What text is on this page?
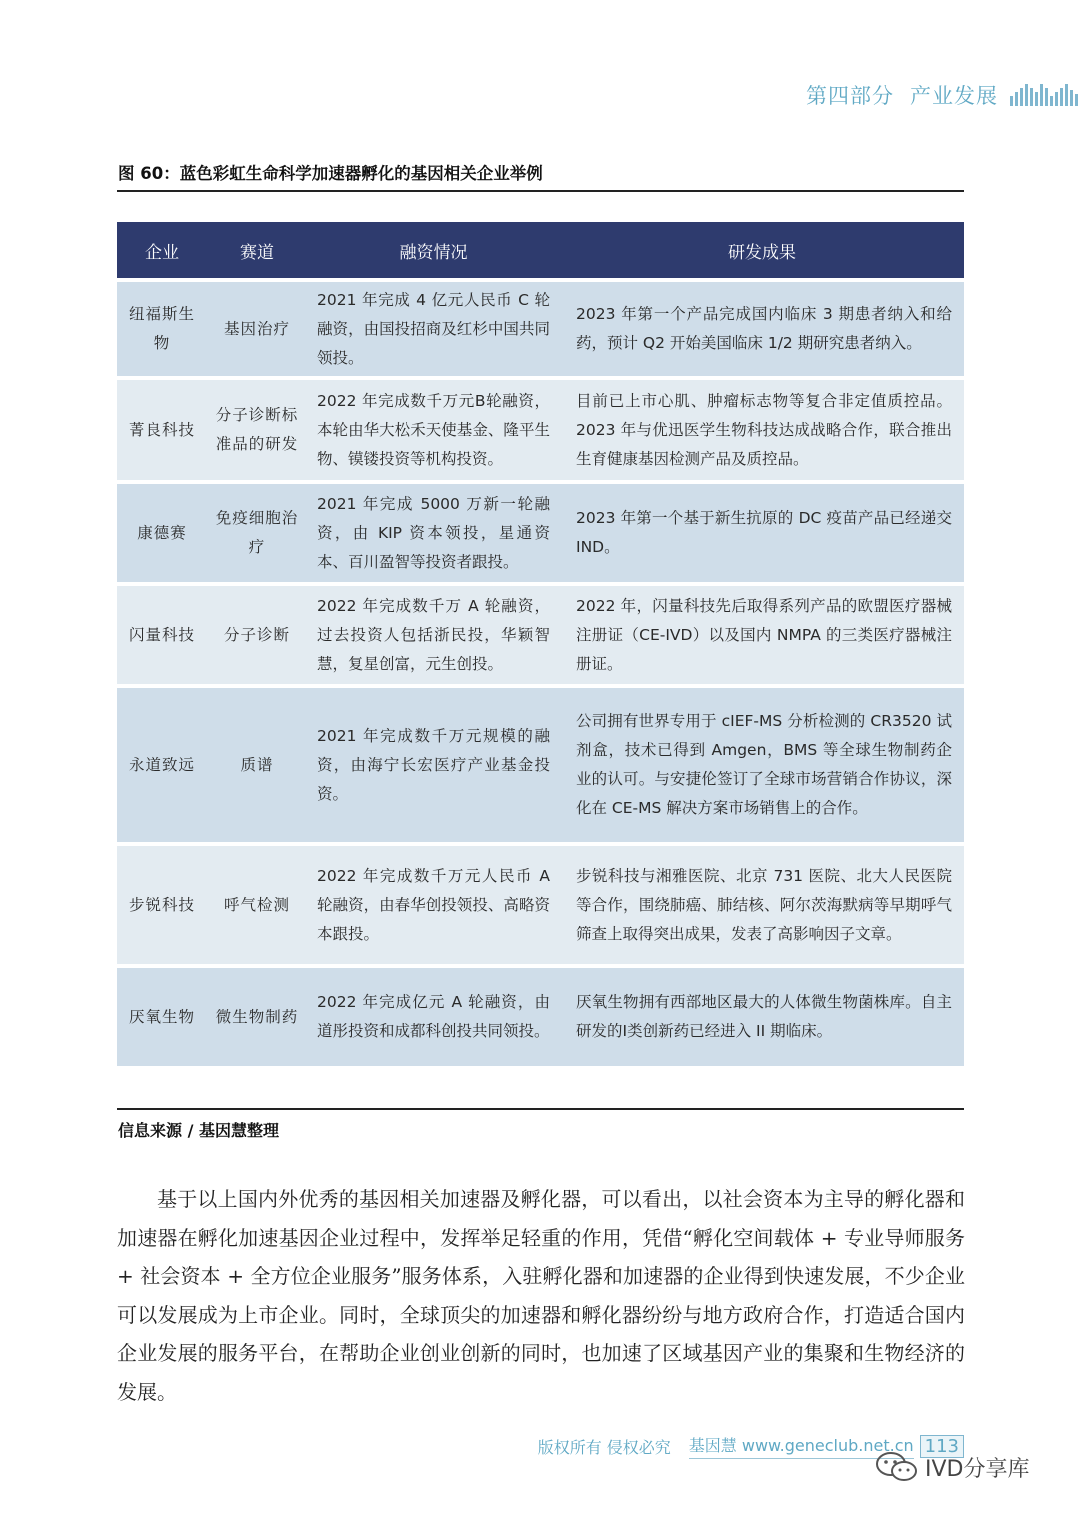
第四部分 产业发展
图 60：蓝色彩虹生命科学加速器孵化的基因相关企业举例
企业	赛道	融资情况	研发成果
纽福斯生物	基因治疗	2021 年完成 4 亿元人民币 C 轮融资，由国投招商及红杉中国共同领投。	2023 年第一个产品完成国内临床 3 期患者纳入和给药，预计 Q2 开始美国临床 1/2 期研究患者纳入。
菁良科技	分子诊断标准品的研发	2022 年完成数千万元B轮融资，本轮由华大松禾天使基金、隆平生物、镆镂投资等机构投资。	目前已上市心肌、肿瘤标志物等复合非定值质控品。2023 年与优迅医学生物科技达成战略合作，联合推出生育健康基因检测产品及质控品。
康德赛	免疫细胞治疗	2021 年完成 5000 万新一轮融资，由 KIP 资本领投，星通资本、百川盈智等投资者跟投。	2023 年第一个基于新生抗原的 DC 疫苗产品已经递交 IND。
闪量科技	分子诊断	2022 年完成数千万 A 轮融资，过去投资人包括浙民投，华颖智慧，复星创富，元生创投。	2022 年，闪量科技先后取得系列产品的欧盟医疗器械注册证（CE-IVD）以及国内 NMPA 的三类医疗器械注册证。
永道致远	质谱	2021 年完成数千万元规模的融资，由海宁长宏医疗产业基金投资。	公司拥有世界专用于 cIEF-MS 分析检测的 CR3520 试剂盒，技术已得到 Amgen，BMS 等全球生物制药企业的认可。与安捷伦签订了全球市场营销合作协议，深化在 CE-MS 解决方案市场销售上的合作。
步锐科技	呼气检测	2022 年完成数千万元人民币 A 轮融资，由春华创投领投、高略资本跟投。	步锐科技与湘雅医院、北京 731 医院、北大人民医院等合作，围绕肺癌、肺结核、阿尔茨海默病等早期呼气筛查上取得突出成果，发表了高影响因子文章。
厌氧生物	微生物制药	2022 年完成亿元 A 轮融资，由道彤投资和成都科创投共同领投。	厌氧生物拥有西部地区最大的人体微生物菌株库。自主研发的Ⅰ类创新药已经进入 II 期临床。
信息来源 / 基因慧整理

基于以上国内外优秀的基因相关加速器及孵化器，可以看出，以社会资本为主导的孵化器和加速器在孵化加速基因企业过程中，发挥举足轻重的作用，凭借“孵化空间载体 + 专业导师服务 + 社会资本 + 全方位企业服务”服务体系，入驻孵化器和加速器的企业得到快速发展，不少企业可以发展成为上市企业。同时，全球顶尖的加速器和孵化器纷纷与地方政府合作，打造适合国内企业发展的服务平台，在帮助企业创业创新的同时，也加速了区域基因产业的集聚和生物经济的发展。

版权所有 侵权必究 基因慧 www.geneclub.net.cn 113
IVD分享库
